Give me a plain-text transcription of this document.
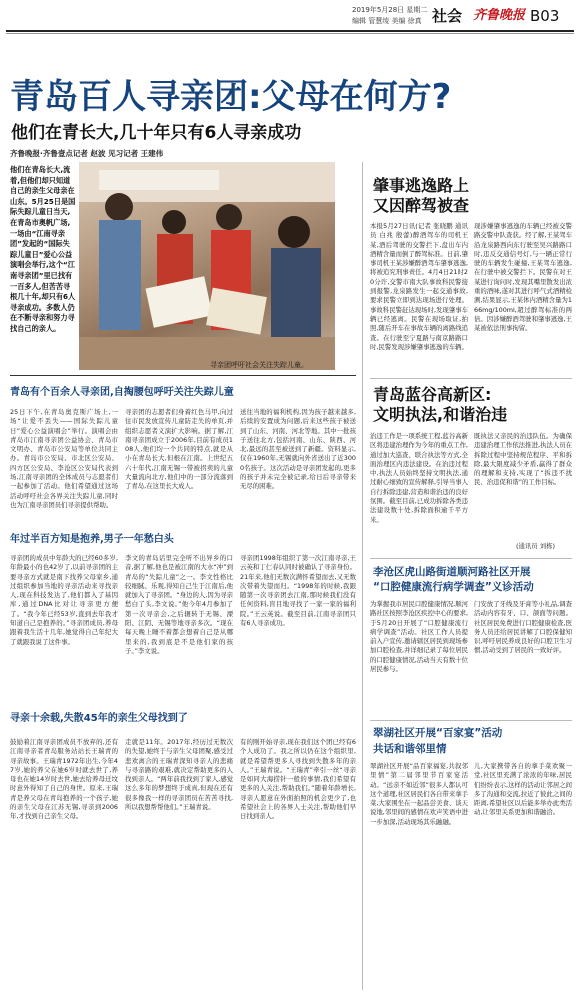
2019年5月28日 星期二
编辑 管慧绫 美编 徐真 社会 齐鲁晚报 B03
青岛百人寻亲团:父母在何方?
他们在青长大,几十年只有6人寻亲成功
齐鲁晚报·齐鲁壹点记者 赵波 见习记者 王建伟
他们在青岛长大,流着,但他们却只知道自己的亲生父母亲在山东。5月25日是国际失踪儿童日当天,在青岛市奥帆广场,一场由“江南寻亲团”发起的“国际失踪儿童日”爱心公益演唱会举行,这个“江南寻亲团”里已找有一百多人,但苦苦寻根几十年,却只有6人寻亲成功。多数人仍在不断寻亲和努力寻找自己的亲人。
寻亲团呼吁社会关注失踪儿童。
青岛有个百余人寻亲团,自掏腰包呼吁关注失踪儿童
25日下午,在青岛奥克斯广场上,一场“让爱不丢失——国际失踪儿童日”爱心公益演唱会”举行。演唱会由青岛市江南寻亲团公益协会、青岛市文明办、青岛市公安局等单位共同主办。青岛市公安局、市北区公安局、四方区公安局、李沧区公安局代表到场,江南寻亲团的全体成员与志愿者们一起参加了活动。他们希望通过这场活动呼吁社会各界关注失踪儿童,同时也为江南寻亲团员们寻亲提供帮助。
寻亲团的志愿者们身着红色马甲,向过往市民发放宣传儿童防走失的单页,并组织志愿者义演扩大影响。据了解,江南寻亲团成立于2006年,目前有成员108人,他们均一个共同的特点,就是从小在青岛长大,但根在江南。上世纪五六十年代,江南无锡一带被拐卖的儿童大量流向北方,他们中的一部分流落到了青岛,在这里长大成人。
送往当地的福利机构,因为孩子越来越多,后续的安置成为问题,后来这些孩子被送到了山东、河南、河北等地。其中一批孩子送往北方,包括河南、山东、陕西、河北,最远的甚至被送到了新疆。资料显示,仅在1960年,无锡就向外省送出了近3000名孩子。这次活动是寻亲团发起的,更多的孩子并未完全被记录,给日后寻亲带来无尽的困难。
年过半百方知是抱养,男子一年愁白头
寻亲团的成员中年龄大的已经60多岁,年龄最小的也42岁了,以前寻亲团的主要寻亲方式就是南下找养父母家乡,通过组织参加当地的寻亲活动来寻找亲人,现在科技发达了,他们都入了基因库,通过DNA比对让寻亲更方便了。“我今年已经53岁,直到去年我才知道自己是抱养的。”寻亲团成员,养母跟着我生活十几年,她觉得自己年纪大了就跟我说了这件事。
李文的青岛话里完全听不出异乡的口音,据了解,他也是被江南的大水“冲”到青岛的“失踪儿童”之一。李文性格比较细腻、乐观,得知自己生于江南后,他就加入了寻亲团。“身边的人,因为寻亲愁白了头,李文说。”他今年4月参加了第一次寻亲会,之后辗转于无锡、溧阳、江阴、无锡等地寻亲多次。“现在每天晚上睡不着都会想着自己是从哪里来的,我到底是不是他们家的孩子。”李文说。
寻亲团1998年组织了第一次江南寻亲,王云英和丁仁春认同时被确认了寻亲身份。21年来,他们无数次满怀希望而去,又无数次带着失望而归。“1998年的时候,我跟随第一次寻亲团去江南,那时候我们没有任何资料,盲目地寻找了一家一家的福利院。”王云英说。截至目前,江南寻亲团只有6人寻亲成功。
寻亲十余载,失散45年的亲生父母找到了
鼓励着江南寻亲团成员不放弃的,还有江南寻亲者青岛服务站站长王瑞青的寻亲故事。王瑞青1972年出生,今年47岁,她的养父在她6岁时就去世了,养母也在她14岁时去世,她去给养母迁坟时意外得知了自己的身世。原来,王瑞青是养父母在青岛抱养的一个孩子,她的亲生父母在江苏无锡,寻亲到2006年,才找到自己亲生父母。
走就是11年。2017年,经历过无数次的失望,她终于与亲生父母团聚,感受过悲欢离合的王瑞青深知寻亲人的悲痛与寻亲路的艰难,就决定帮助更多的人找到亲人。“两年前我找到了家人,感觉这么多年的梦想终于成真,但现在还有很多像我一样的寻亲团员在苦苦寻找,所以我想帮帮他们。”王瑞青说。
有的刚开始寻亲,现在我们这个团已经有6个人成功了。我之所以仍在这个组织里,就是希望帮更多人寻找到失散多年的亲人。”王瑞青说。“王瑞青”牵引一丝“寻亲是如同大海捞针一般的事情,我们希望有更多的人关注,帮助我们。”随着年龄增长,寻亲人愿意在外面拍照的机会更少了,也希望社会上的各界人士关注,帮助他们早日找到亲人。
肇事逃逸路上
又因醉驾被查
本报5月27日讯(记者 张晓鹏 通讯员 白兆 殷蕾)醉酒驾车的司机王某,酒后驾驶的交警拦下,盘出车内酒精含量而倒了醉驾标准。日前,肇事司机王某涉嫌醉酒驾车肇事逃逸,将被追究刑事责任。4月4日21时20分许,交警市南大队事故科民警接到报警,龙泉路发生一起交通事故,要求民警立即到达现场进行处理。事故科民警赶达现场时,发现肇事车辆已经逃离。民警在现场取证,拍照,随后开车在事故车辆的离路线追查。在行驶至宁夏路与南京路路口时,民警发现涉嫌肇事逃逸的车辆。
现涉嫌肇事逃逸的车辆已经被交警路交警中队查获。经了解,王某驾车沿龙泉路西向东行驶至吴兴路路口时,违反交通信号灯,与一辆正常行驶的车辆发生碰撞,王某驾车逃逸,在行驶中被交警拦下。民警在对王某进行询问时,发现其嘴里散发出浓重的酒味,遂对其进行呼气式酒精检测,结果显示,王某体内酒精含量为166mg/100ml,超过醉驾标准的两倍。因涉嫌醉酒驾驶和肇事逃逸,王某被依法刑事拘留。
青岛蓝谷高新区:
文明执法,和谐治违
治违工作是一项系统工程,蓝谷高新区将违建治理作为今年的重点工作,通过加大巡查、联合执法等方式,全面治理区内违法建设。在治违过程中,执法人员始终坚持文明执法,通过耐心细致的宣传解释,引导当事人自行拆除违建,营造和谐治违的良好氛围。截至目前,已成功拆除各类违法建设数十处,拆除面积逾千平方米。
既执法又亲民的治违队伍。为确保违建治理工作依法推进,执法人员在拆除过程中坚持规范程序、平和拆除,最大限度减少矛盾,赢得了群众的理解和支持,实现了“拆违不扰民、治违促和谐”的工作目标。
(通讯员 刘栋)
李沧区虎山路街道顺河路社区开展
“口腔健康流行病学调查”义诊活动
为掌握我市居民口腔健康情况,顺河路社区按照李沧区疾控中心的要求,于5月20日开展了“口腔健康流行病学调查”活动。社区工作人员提前入户宣传,邀请辖区居民到现场参加口腔检查,并详细记录了每位居民的口腔健康情况,活动当天有数十位居民参与。
门安放了牙线及牙膏等小礼品,调查活动内容有牙、口、颌面等问题。社区居民免费进行口腔健康检查,医务人员还给居民讲解了口腔保健知识,呼吁居民养成良好的口腔卫生习惯,活动受到了居民的一致好评。
翠湖社区开展“百家宴”活动
共话和谐邻里情
翠湖社区开展“品百家福宴,共叙邻里情”第二届邻里节百家宴活动。“远亲不如近邻”很多人都认可这个道理,社区居民们各自带来拿手菜,大家围坐在一起品尝美食、谈天说地,邻里间的感情在欢声笑语中进一步加深,活动现场其乐融融。
儿,大家携带各自的拿手菜欢聚一堂,社区里充满了浓浓的年味,居民们纷纷表示,这样的活动让邻居之间多了沟通和交流,拉近了彼此之间的距离,希望社区以后能多举办此类活动,让邻里关系更加和谐融洽。
